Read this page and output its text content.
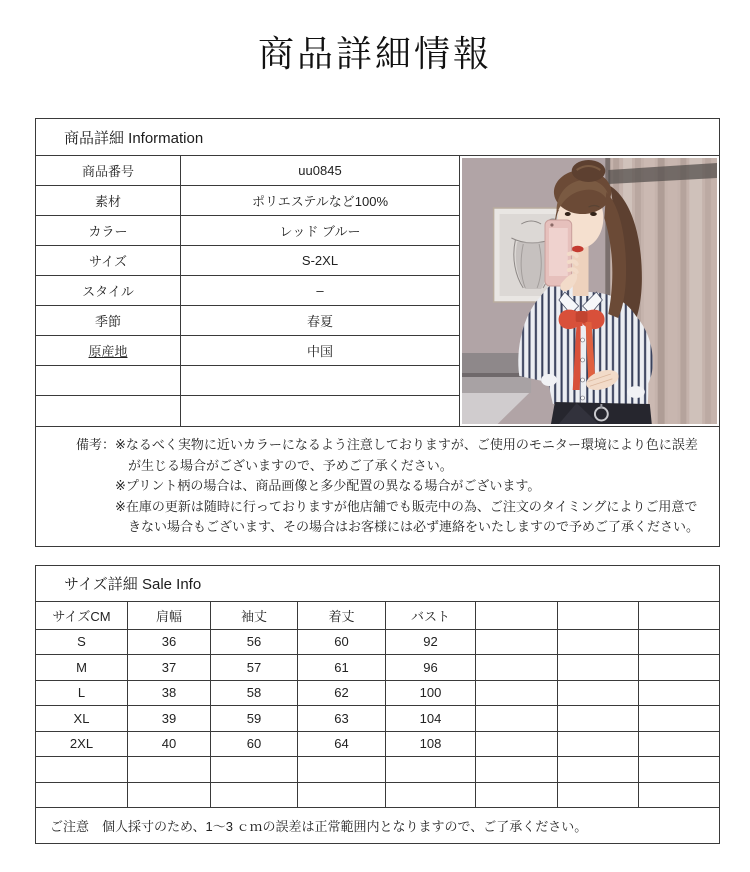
商品詳細情報
商品詳細 Information
商品番号	uu0845
素材	ポリエステルなど100%
カラー	レッド ブルー
サイズ	S-2XL
スタイル	–
季節	春夏
原産地	中国
備考： ※なるべく実物に近いカラーになるよう注意しておりますが、ご使用のモニター環境により色に誤差が生じる場合がございますので、予めご了承ください。

※プリント柄の場合は、商品画像と多少配置の異なる場合がございます。

※在庫の更新は随時に行っておりますが他店舗でも販売中の為、ご注文のタイミングによりご用意できない場合もございます、その場合はお客様には必ず連絡をいたしますので予めご了承ください。

サイズ詳細 Sale Info
サイズCM	肩幅	袖丈	着丈	バスト
S	36	56	60	92
M	37	57	61	96
L	38	58	62	100
XL	39	59	63	104
2XL	40	60	64	108
ご注意　個人採寸のため、1～3 ｃｍの誤差は正常範囲内となりますので、ご了承ください。
